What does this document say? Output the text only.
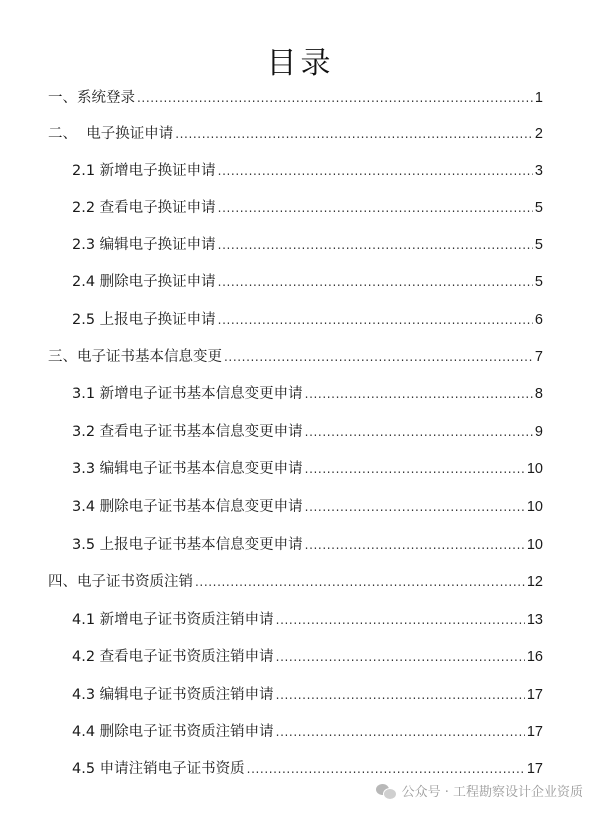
目录
一、系统登录 .....	1
二、  电子换证申请 .....	2
2.1 新增电子换证申请 .....	3
2.2 查看电子换证申请 .....	5
2.3 编辑电子换证申请 .....	5
2.4 删除电子换证申请 .....	5
2.5 上报电子换证申请 .....	6
三、电子证书基本信息变更 .....	7
3.1 新增电子证书基本信息变更申请 .....	8
3.2 查看电子证书基本信息变更申请 .....	9
3.3 编辑电子证书基本信息变更申请 .....	10
3.4 删除电子证书基本信息变更申请 .....	10
3.5 上报电子证书基本信息变更申请 .....	10
四、电子证书资质注销 .....	12
4.1 新增电子证书资质注销申请 .....	13
4.2 查看电子证书资质注销申请 .....	16
4.3 编辑电子证书资质注销申请 .....	17
4.4 删除电子证书资质注销申请 .....	17
4.5 申请注销电子证书资质 .....	17
公众号 · 工程勘察设计企业资质
